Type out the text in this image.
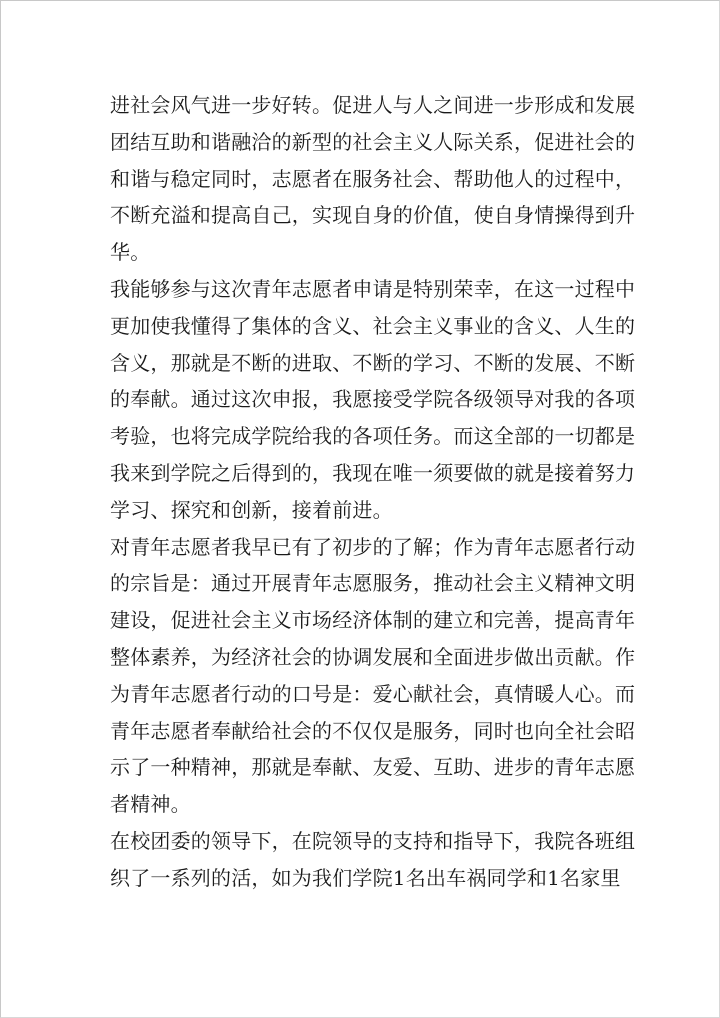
进社会风气进一步好转。促进人与人之间进一步形成和发展
团结互助和谐融洽的新型的社会主义人际关系，促进社会的
和谐与稳定同时，志愿者在服务社会、帮助他人的过程中，
不断充溢和提高自己，实现自身的价值，使自身情操得到升
华。
我能够参与这次青年志愿者申请是特别荣幸，在这一过程中
更加使我懂得了集体的含义、社会主义事业的含义、人生的
含义，那就是不断的进取、不断的学习、不断的发展、不断
的奉献。通过这次申报，我愿接受学院各级领导对我的各项
考验，也将完成学院给我的各项任务。而这全部的一切都是
我来到学院之后得到的，我现在唯一须要做的就是接着努力
学习、探究和创新，接着前进。
对青年志愿者我早已有了初步的了解；作为青年志愿者行动
的宗旨是：通过开展青年志愿服务，推动社会主义精神文明
建设，促进社会主义市场经济体制的建立和完善，提高青年
整体素养，为经济社会的协调发展和全面进步做出贡献。作
为青年志愿者行动的口号是：爱心献社会，真情暖人心。而
青年志愿者奉献给社会的不仅仅是服务，同时也向全社会昭
示了一种精神，那就是奉献、友爱、互助、进步的青年志愿
者精神。
在校团委的领导下，在院领导的支持和指导下，我院各班组
织了一系列的活，如为我们学院1名出车祸同学和1名家里
